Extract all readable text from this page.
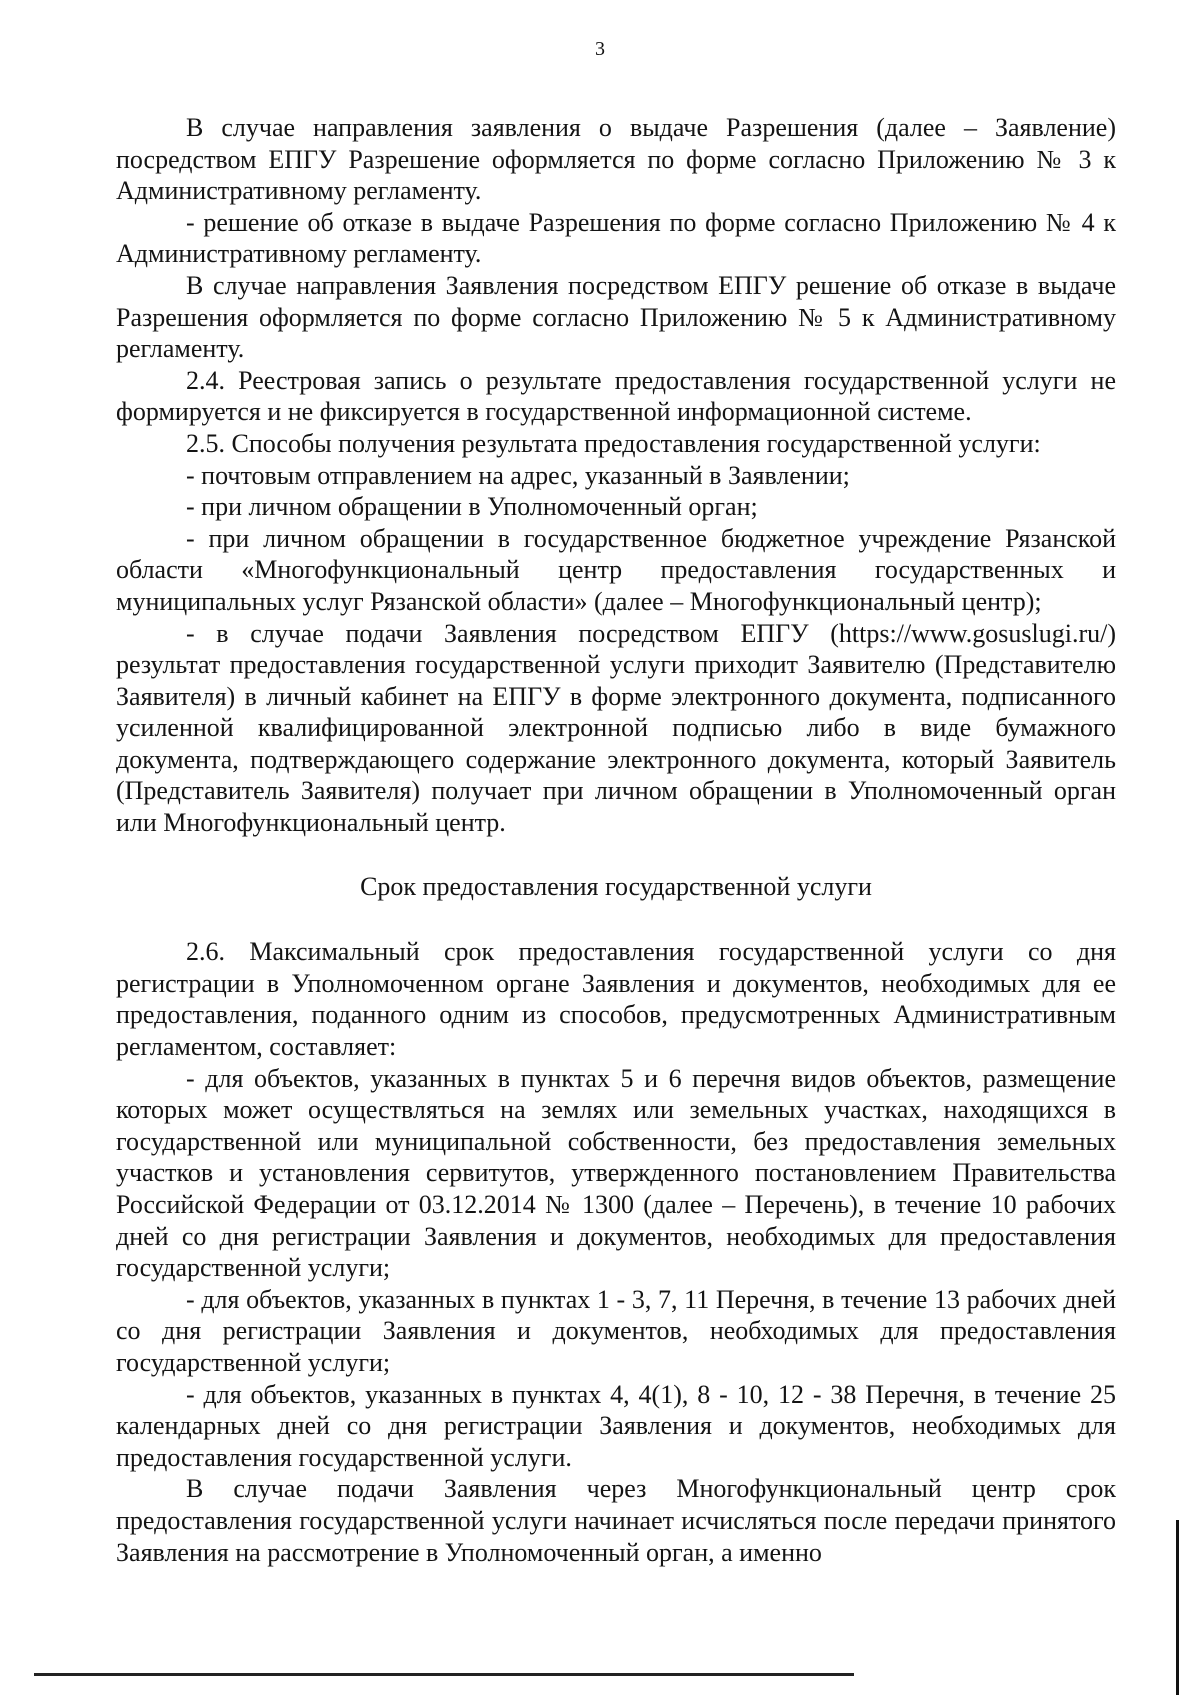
3

В случае направления заявления о выдаче Разрешения (далее – Заявление) посредством ЕПГУ Разрешение оформляется по форме согласно Приложению № 3 к Административному регламенту.

- решение об отказе в выдаче Разрешения по форме согласно Приложению № 4 к Административному регламенту.

В случае направления Заявления посредством ЕПГУ решение об отказе в выдаче Разрешения оформляется по форме согласно Приложению № 5 к Административному регламенту.

2.4. Реестровая запись о результате предоставления государственной услуги не формируется и не фиксируется в государственной информационной системе.

2.5. Способы получения результата предоставления государственной услуги:

- почтовым отправлением на адрес, указанный в Заявлении;

- при личном обращении в Уполномоченный орган;

- при личном обращении в государственное бюджетное учреждение Рязанской области «Многофункциональный центр предоставления государственных и муниципальных услуг Рязанской области» (далее – Многофункциональный центр);

- в случае подачи Заявления посредством ЕПГУ (https://www.gosuslugi.ru/) результат предоставления государственной услуги приходит Заявителю (Представителю Заявителя) в личный кабинет на ЕПГУ в форме электронного документа, подписанного усиленной квалифицированной электронной подписью либо в виде бумажного документа, подтверждающего содержание электронного документа, который Заявитель (Представитель Заявителя) получает при личном обращении в Уполномоченный орган или Многофункциональный центр.

Срок предоставления государственной услуги

2.6. Максимальный срок предоставления государственной услуги со дня регистрации в Уполномоченном органе Заявления и документов, необходимых для ее предоставления, поданного одним из способов, предусмотренных Административным регламентом, составляет:

- для объектов, указанных в пунктах 5 и 6 перечня видов объектов, размещение которых может осуществляться на землях или земельных участках, находящихся в государственной или муниципальной собственности, без предоставления земельных участков и установления сервитутов, утвержденного постановлением Правительства Российской Федерации от 03.12.2014 № 1300 (далее – Перечень), в течение 10 рабочих дней со дня регистрации Заявления и документов, необходимых для предоставления государственной услуги;

- для объектов, указанных в пунктах 1 - 3, 7, 11 Перечня, в течение 13 рабочих дней со дня регистрации Заявления и документов, необходимых для предоставления государственной услуги;

- для объектов, указанных в пунктах 4, 4(1), 8 - 10, 12 - 38 Перечня, в течение 25 календарных дней со дня регистрации Заявления и документов, необходимых для предоставления государственной услуги.

В случае подачи Заявления через Многофункциональный центр срок предоставления государственной услуги начинает исчисляться после передачи принятого Заявления на рассмотрение в Уполномоченный орган, а именно
